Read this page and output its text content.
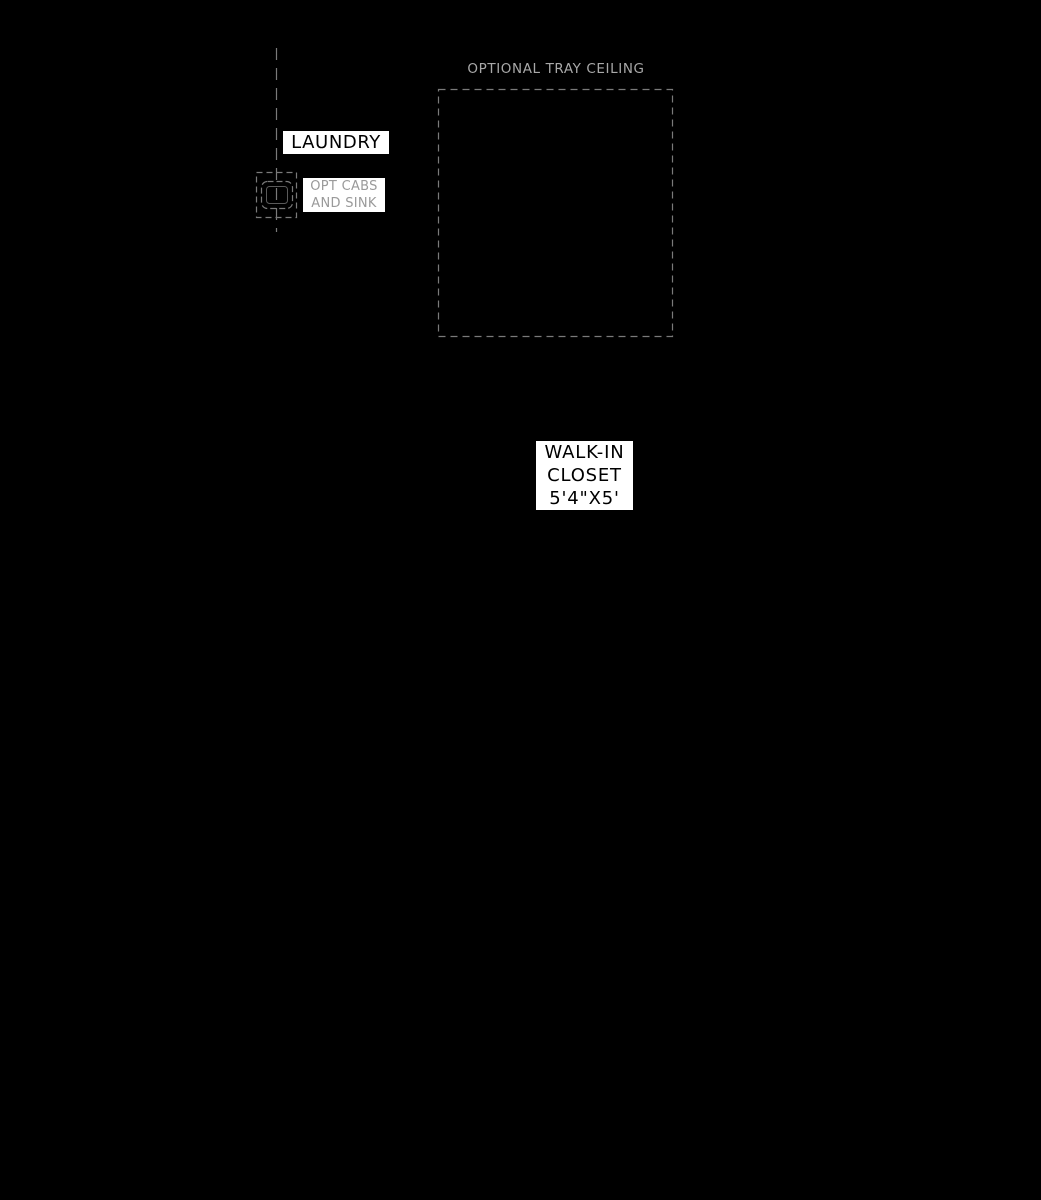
OPTIONAL TRAY CEILING
LAUNDRY
OPT CABS
AND SINK
WALK-IN
CLOSET
5'4"X5'
